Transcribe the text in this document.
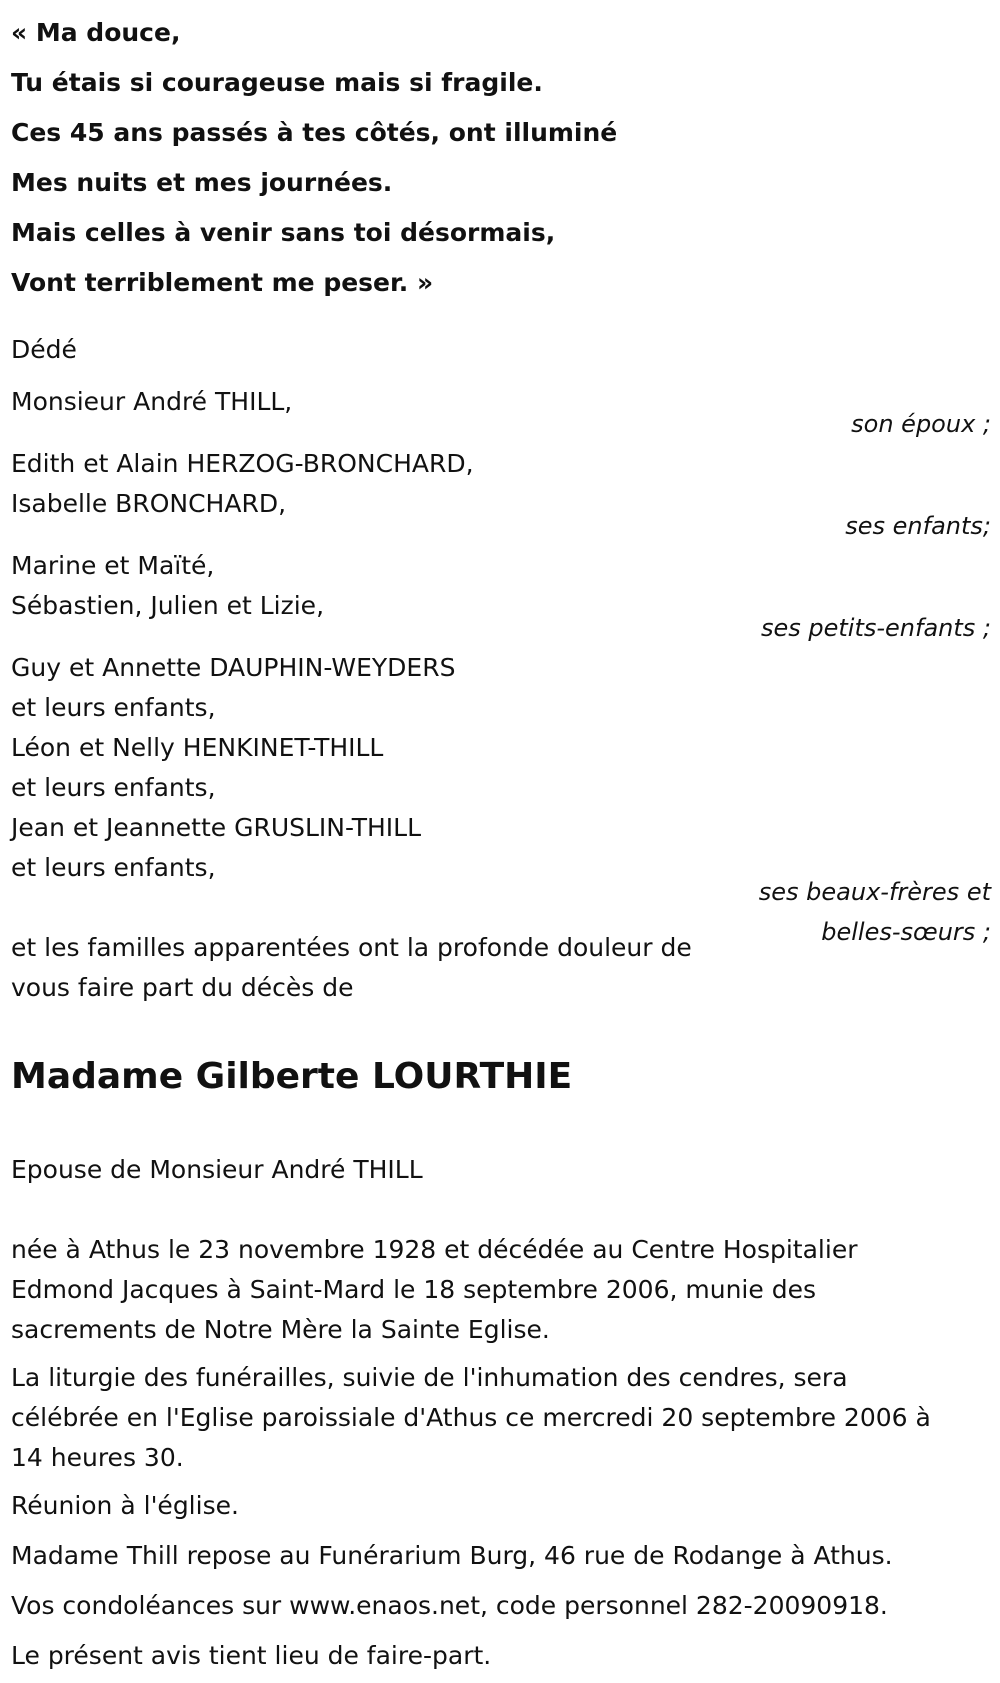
« Ma douce,
Tu étais si courageuse mais si fragile.
Ces 45 ans passés à tes côtés, ont illuminé
Mes nuits et mes journées.
Mais celles à venir sans toi désormais,
Vont terriblement me peser. »
Dédé
Monsieur André THILL,
son époux ;
Edith et Alain HERZOG-BRONCHARD,
Isabelle BRONCHARD,
ses enfants;
Marine et Maïté,
Sébastien, Julien et Lizie,
ses petits-enfants ;
Guy et Annette DAUPHIN-WEYDERS
et leurs enfants,
Léon et Nelly HENKINET-THILL
et leurs enfants,
Jean et Jeannette GRUSLIN-THILL
et leurs enfants,
ses beaux-frères et
belles-sœurs ;
et les familles apparentées ont la profonde douleur de
vous faire part du décès de
Madame Gilberte LOURTHIE
Epouse de Monsieur André THILL
née à Athus le 23 novembre 1928 et décédée au Centre Hospitalier
Edmond Jacques à Saint-Mard le 18 septembre 2006, munie des
sacrements de Notre Mère la Sainte Eglise.
La liturgie des funérailles, suivie de l'inhumation des cendres, sera
célébrée en l'Eglise paroissiale d'Athus ce mercredi 20 septembre 2006 à
14 heures 30.
Réunion à l'église.
Madame Thill repose au Funérarium Burg, 46 rue de Rodange à Athus.
Vos condoléances sur www.enaos.net, code personnel 282-20090918.
Le présent avis tient lieu de faire-part.
